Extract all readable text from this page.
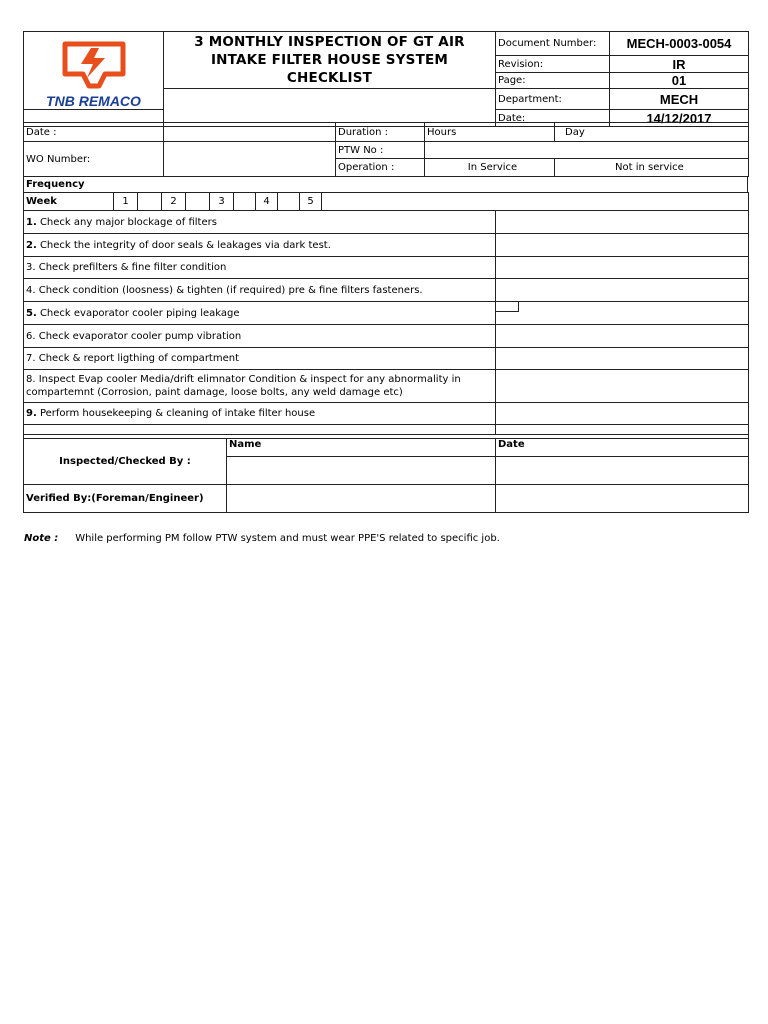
TNB REMACO	3 MONTHLY INSPECTION OF GT AIR INTAKE FILTER HOUSE SYSTEM CHECKLIST	Document Number:	MECH-0003-0054
		Revision:	IR
		Page:	01
		Department:	MECH
		Date:	14/12/2017
Date :		Duration :	Hours	Day
WO Number:		PTW No :		
		Operation :	In Service	Not in service
Frequency
Week	1		2		3		4		5		
1. Check any major blockage of filters	
2. Check the integrity of door seals & leakages via dark test.	
3. Check prefilters & fine filter condition	
4. Check condition (loosness) & tighten (if required) pre & fine filters fasteners.	
5. Check evaporator cooler piping leakage	

6. Check evaporator cooler pump vibration	
7. Check & report ligthing of compartment	
8. Inspect Evap cooler Media/drift elimnator Condition & inspect for any abnormality in compartemnt (Corrosion, paint damage, loose bolts, any weld damage etc)	
9. Perform housekeeping & cleaning of intake filter house	

Inspected/Checked By :	Name	Date

Verified By:(Foreman/Engineer)		
Note : While performing PM follow PTW system and must wear PPE'S related to specific job.
